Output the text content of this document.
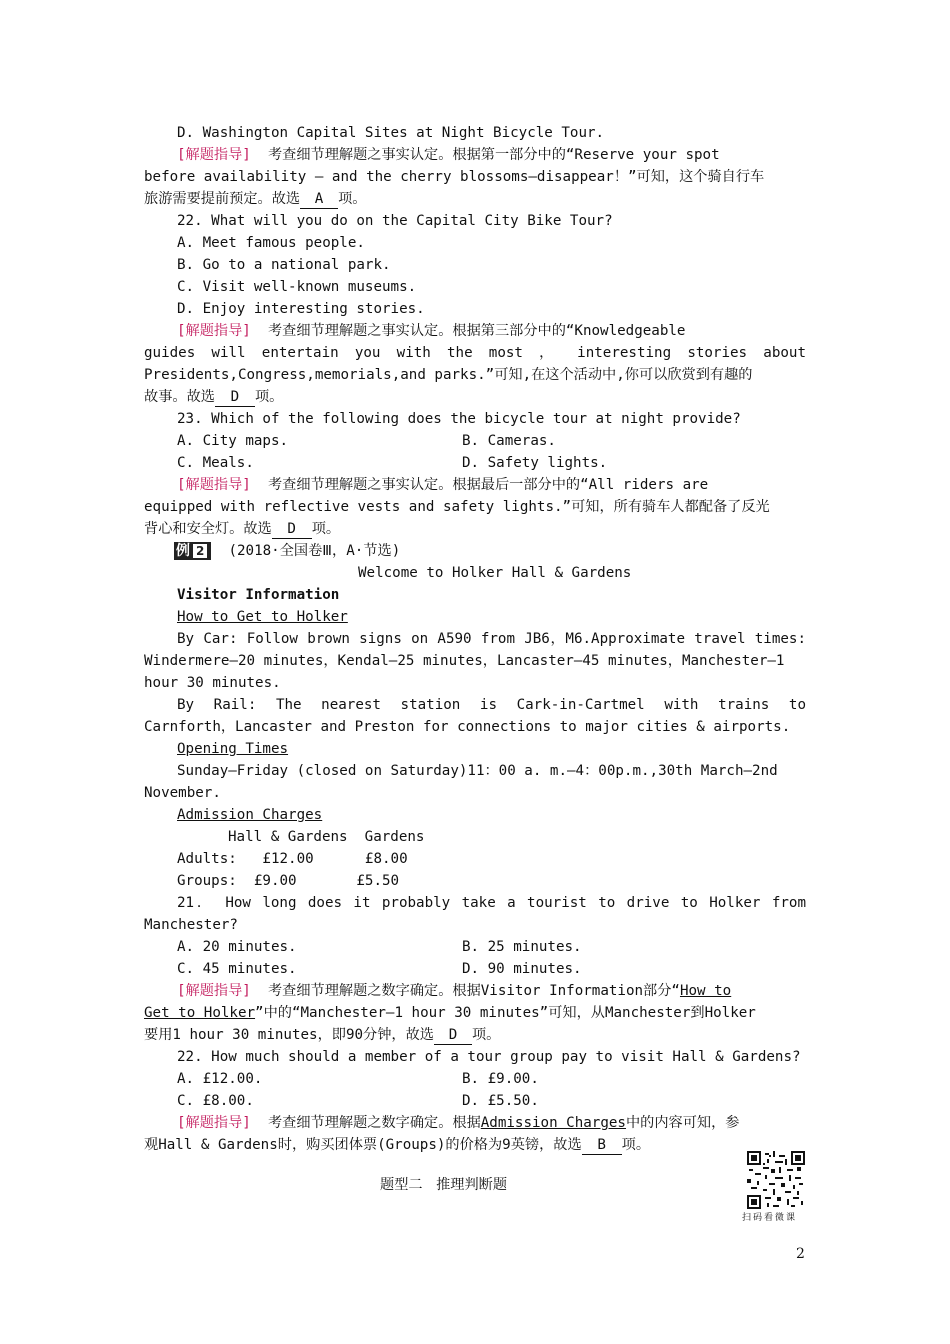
D. Washington Capital Sites at Night Bicycle Tour.
[解题指导] 考查细节理解题之事实认定。根据第一部分中的“Reserve your spot
before availability — and the cherry blossoms—disappear！”可知，这个骑自行车
旅游需要提前预定。故选 A 项。
22. What will you do on the Capital City Bike Tour?
A. Meet famous people.
B. Go to a national park.
C. Visit well-known museums.
D. Enjoy interesting stories.
[解题指导] 考查细节理解题之事实认定。根据第三部分中的“Knowledgeable
guides will entertain you with the most ， interesting stories about
Presidents,Congress,memorials,and parks.”可知,在这个活动中,你可以欣赏到有趣的
故事。故选 D 项。
23. Which of the following does the bicycle tour at night provide?
A. City maps.	B. Cameras.
C. Meals.	D. Safety lights.
[解题指导] 考查细节理解题之事实认定。根据最后一部分中的“All riders are
equipped with reflective vests and safety lights.”可知，所有骑车人都配备了反光
背心和安全灯。故选 D 项。
例 2 (2018·全国卷Ⅲ，A·节选)
Welcome to Holker Hall & Gardens
Visitor Information
How to Get to Holker
By Car: Follow brown signs on A590 from JB6，M6.Approximate travel times:
Windermere—20 minutes，Kendal—25 minutes，Lancaster—45 minutes，Manchester—1
hour 30 minutes.
By Rail: The nearest station is Cark-in-Cartmel with trains to
Carnforth，Lancaster and Preston for connections to major cities & airports.
Opening Times
Sunday—Friday (closed on Saturday)11：00 a. m.—4：00p.m.,30th March—2nd
November.
Admission Charges
Hall & Gardens  Gardens
Adults:   £12.00      £8.00
Groups:  £9.00       £5.50
21． How long does it probably take a tourist to drive to Holker from
Manchester?
A. 20 minutes.	B. 25 minutes.
C. 45 minutes.	D. 90 minutes.
[解题指导] 考查细节理解题之数字确定。根据Visitor Information部分“How to
Get to Holker”中的“Manchester—1 hour 30 minutes”可知，从Manchester到Holker
要用1 hour 30 minutes，即90分钟，故选 D 项。
22. How much should a member of a tour group pay to visit Hall & Gardens?
A. £12.00.	B. £9.00.
C. £8.00.	D. £5.50.
[解题指导] 考查细节理解题之数字确定。根据Admission Charges中的内容可知，参
观Hall & Gardens时，购买团体票(Groups)的价格为9英镑，故选 B 项。
题型二   推理判断题
扫码看微课
2
